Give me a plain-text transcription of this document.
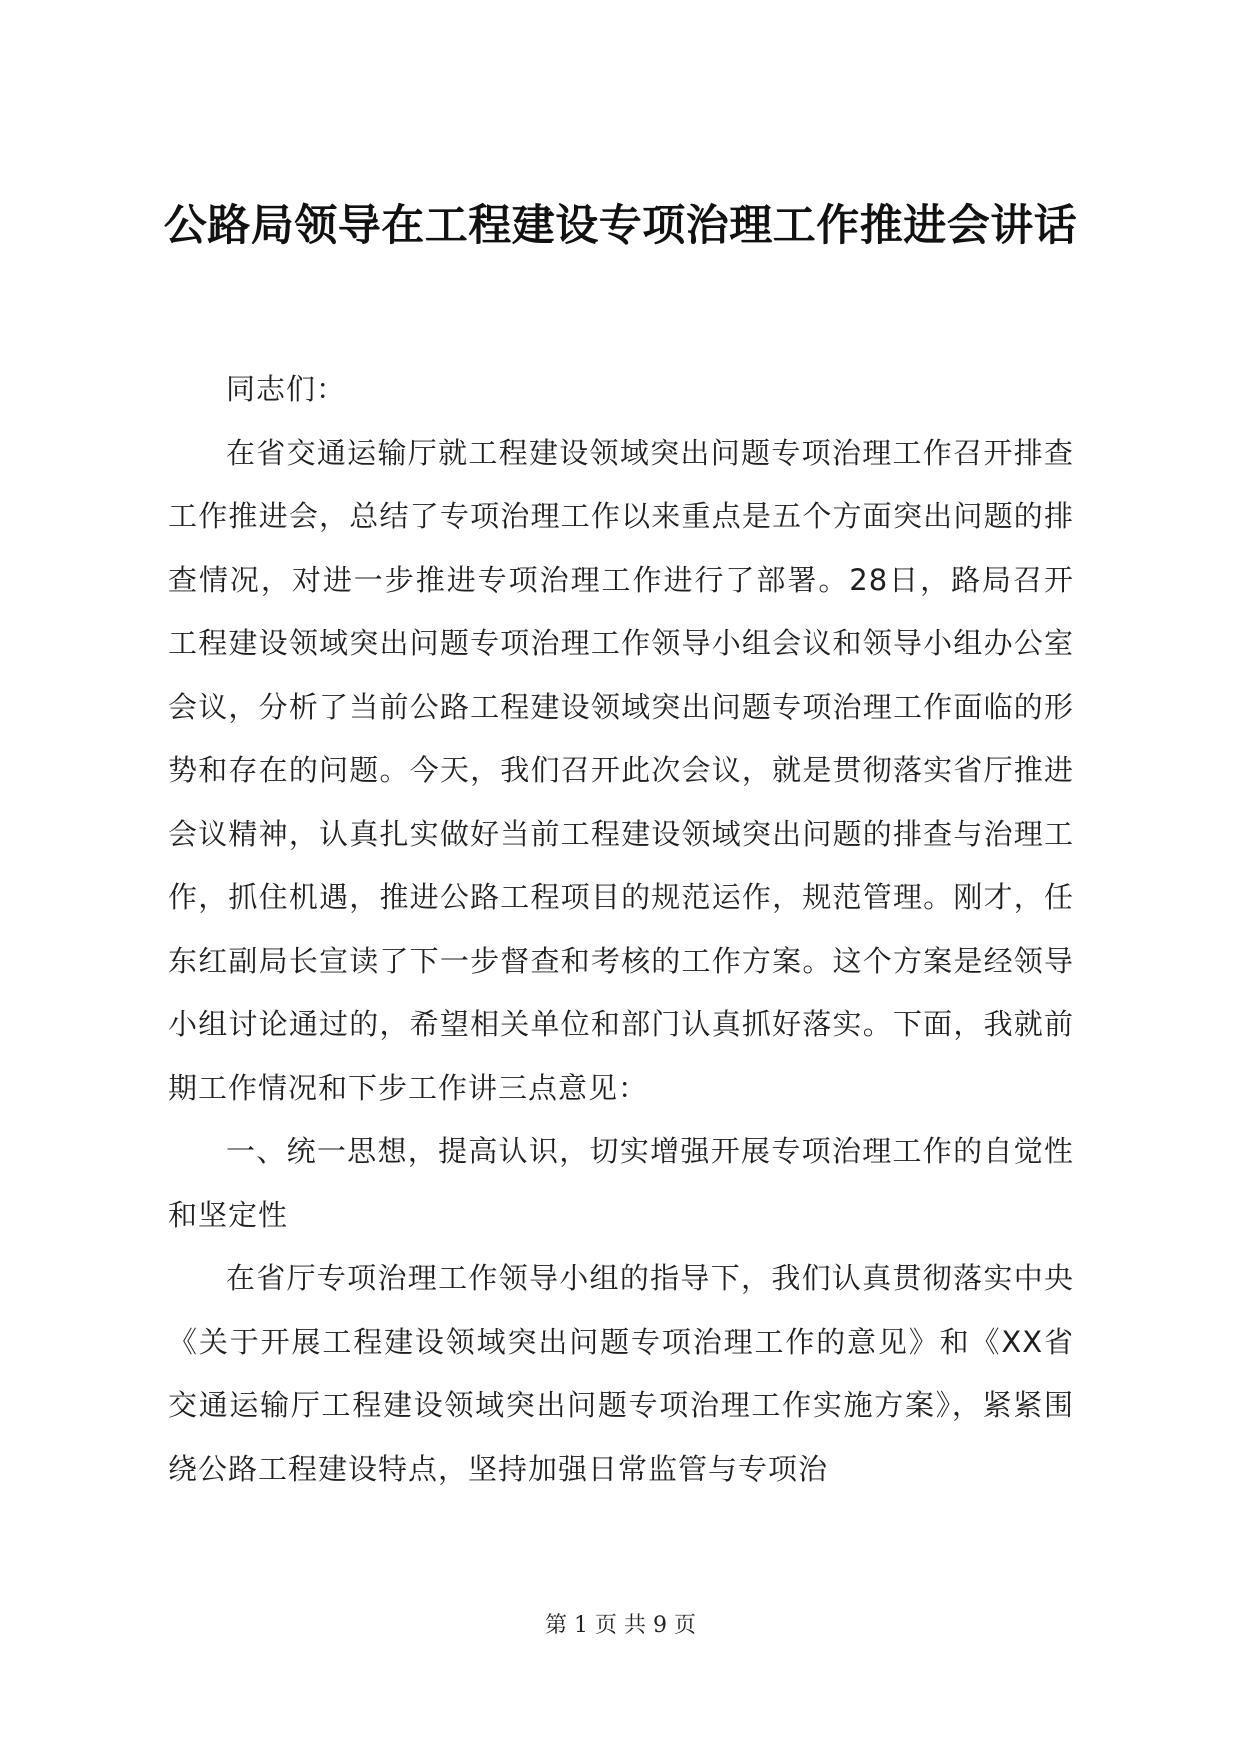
公路局领导在工程建设专项治理工作推进会讲话

同志们：

在省交通运输厅就工程建设领域突出问题专项治理工作召开排查工作推进会，总结了专项治理工作以来重点是五个方面突出问题的排查情况，对进一步推进专项治理工作进行了部署。28日，路局召开工程建设领域突出问题专项治理工作领导小组会议和领导小组办公室会议，分析了当前公路工程建设领域突出问题专项治理工作面临的形势和存在的问题。今天，我们召开此次会议，就是贯彻落实省厅推进会议精神，认真扎实做好当前工程建设领域突出问题的排查与治理工作，抓住机遇，推进公路工程项目的规范运作，规范管理。刚才，任东红副局长宣读了下一步督查和考核的工作方案。这个方案是经领导小组讨论通过的，希望相关单位和部门认真抓好落实。下面，我就前期工作情况和下步工作讲三点意见：

一、统一思想，提高认识，切实增强开展专项治理工作的自觉性和坚定性

在省厅专项治理工作领导小组的指导下，我们认真贯彻落实中央《关于开展工程建设领域突出问题专项治理工作的意见》和《XX省交通运输厅工程建设领域突出问题专项治理工作实施方案》，紧紧围绕公路工程建设特点，坚持加强日常监管与专项治

第 1 页 共 9 页
